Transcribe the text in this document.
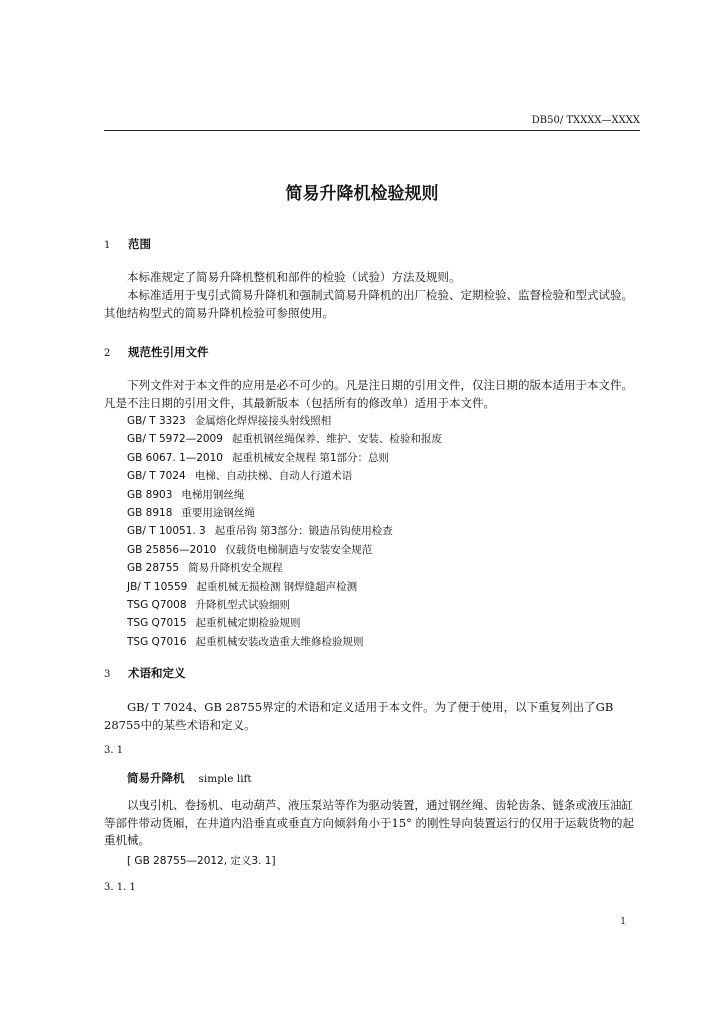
DB50/ TXXXX—XXXX
简易升降机检验规则
1 范围
本标准规定了简易升降机整机和部件的检验（试验）方法及规则。
本标准适用于曳引式简易升降机和强制式简易升降机的出厂检验、定期检验、监督检验和型式试验。其他结构型式的简易升降机检验可参照使用。
2 规范性引用文件
下列文件对于本文件的应用是必不可少的。凡是注日期的引用文件，仅注日期的版本适用于本文件。凡是不注日期的引用文件，其最新版本（包括所有的修改单）适用于本文件。
GB/ T 3323 金属熔化焊焊接接头射线照相
GB/ T 5972—2009 起重机钢丝绳保养、维护、安装、检验和报废
GB 6067. 1—2010 起重机械安全规程 第1部分：总则
GB/ T 7024 电梯、自动扶梯、自动人行道术语
GB 8903 电梯用钢丝绳
GB 8918 重要用途钢丝绳
GB/ T 10051. 3 起重吊钩 第3部分：锻造吊钩使用检查
GB 25856—2010 仅载货电梯制造与安装安全规范
GB 28755 简易升降机安全规程
JB/ T 10559 起重机械无损检测 钢焊缝超声检测
TSG Q7008 升降机型式试验细则
TSG Q7015 起重机械定期检验规则
TSG Q7016 起重机械安装改造重大维修检验规则
3 术语和定义
GB/ T 7024、GB 28755界定的术语和定义适用于本文件。为了便于使用，以下重复列出了GB 28755中的某些术语和定义。
3. 1
简易升降机 simple lift
以曳引机、卷扬机、电动葫芦、液压泵站等作为驱动装置，通过钢丝绳、齿轮齿条、链条或液压油缸等部件带动货厢，在井道内沿垂直或垂直方向倾斜角小于15° 的刚性导向装置运行的仅用于运载货物的起重机械。
[ GB 28755—2012, 定义3. 1]
3. 1. 1
1
